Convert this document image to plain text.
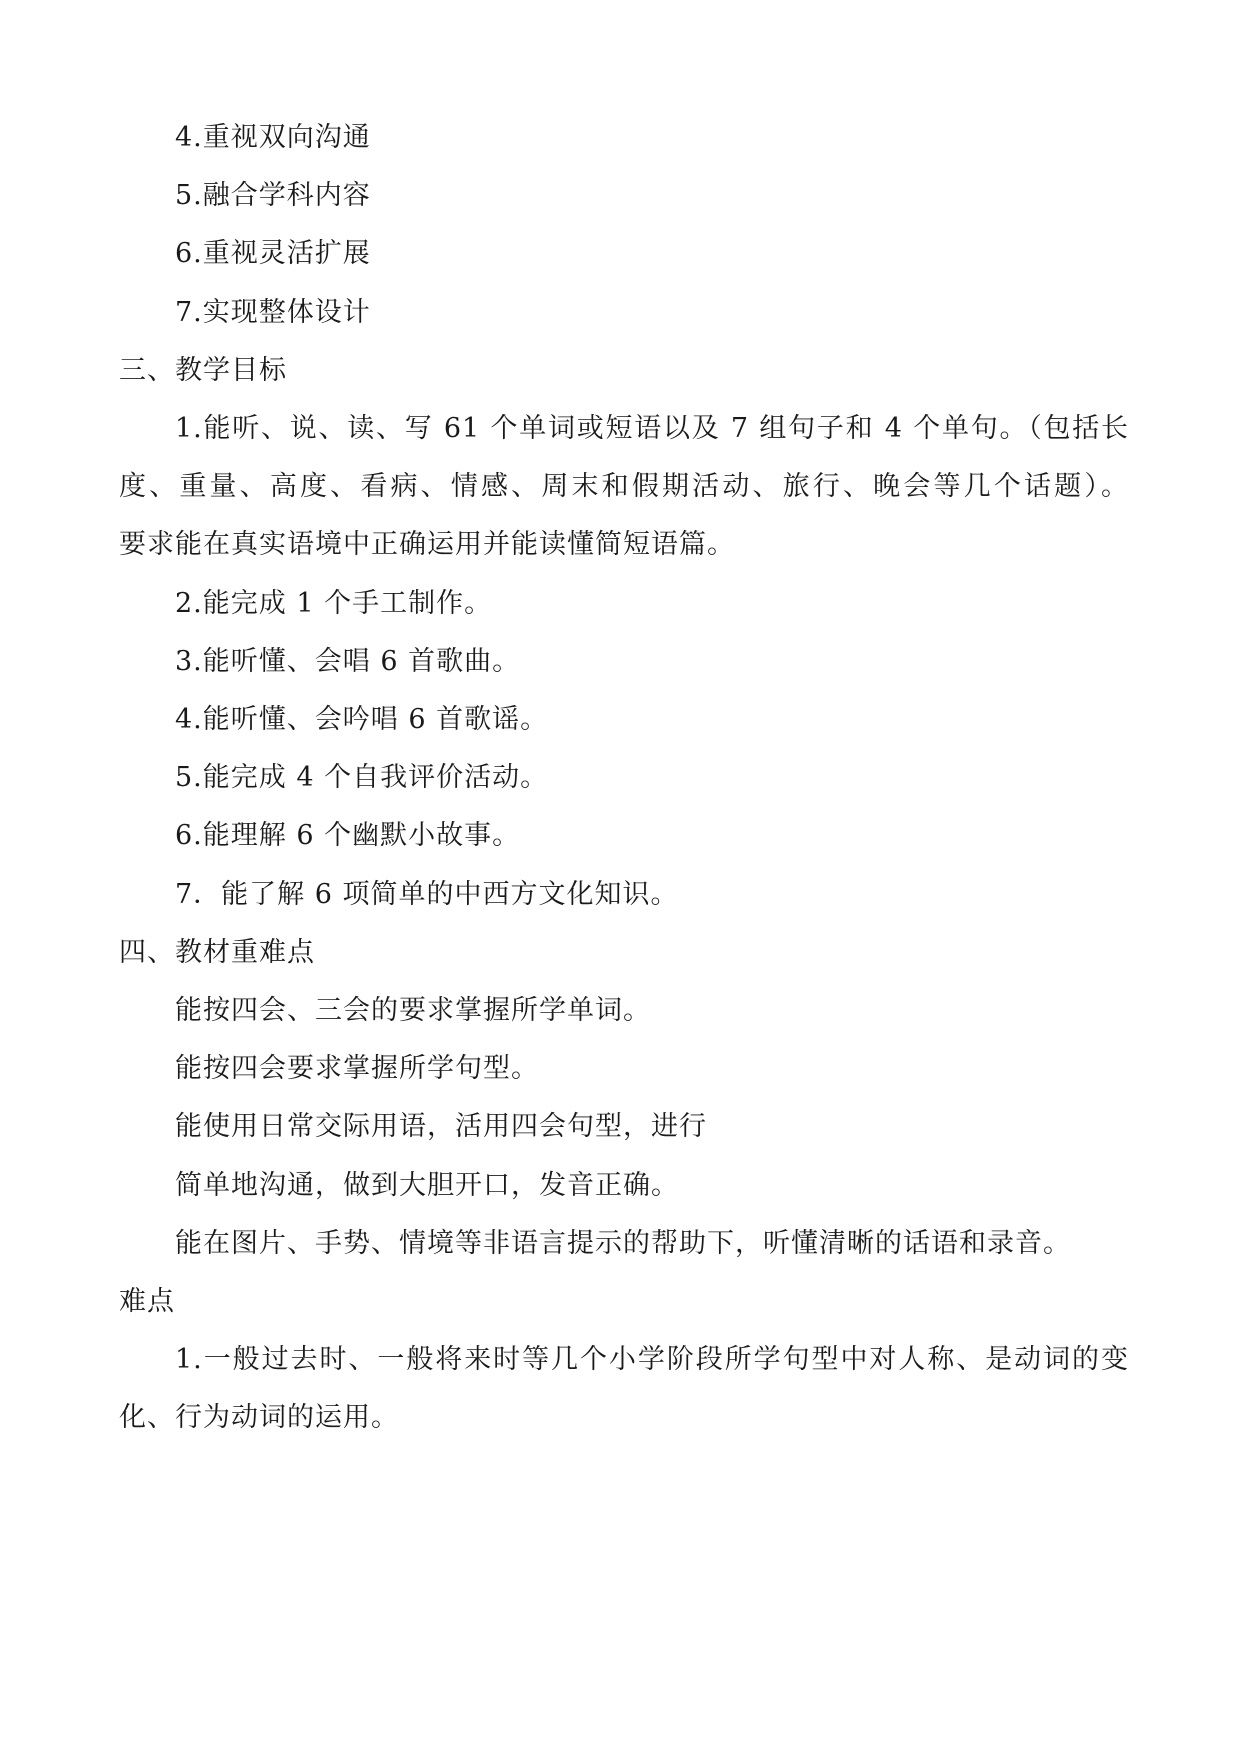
4.重视双向沟通
5.融合学科内容
6.重视灵活扩展
7.实现整体设计
三、教学目标
1.能听、说、读、写 61 个单词或短语以及 7 组句子和 4 个单句。（包括长
度、重量、高度、看病、情感、周末和假期活动、旅行、晚会等几个话题）。
要求能在真实语境中正确运用并能读懂简短语篇。
2.能完成 1 个手工制作。
3.能听懂、会唱 6 首歌曲。
4.能听懂、会吟唱 6 首歌谣。
5.能完成 4 个自我评价活动。
6.能理解 6 个幽默小故事。
7．能了解 6 项简单的中西方文化知识。
四、教材重难点
能按四会、三会的要求掌握所学单词。
能按四会要求掌握所学句型。
能使用日常交际用语，活用四会句型，进行
简单地沟通，做到大胆开口，发音正确。
能在图片、手势、情境等非语言提示的帮助下，听懂清晰的话语和录音。
难点
1.一般过去时、一般将来时等几个小学阶段所学句型中对人称、是动词的变
化、行为动词的运用。
